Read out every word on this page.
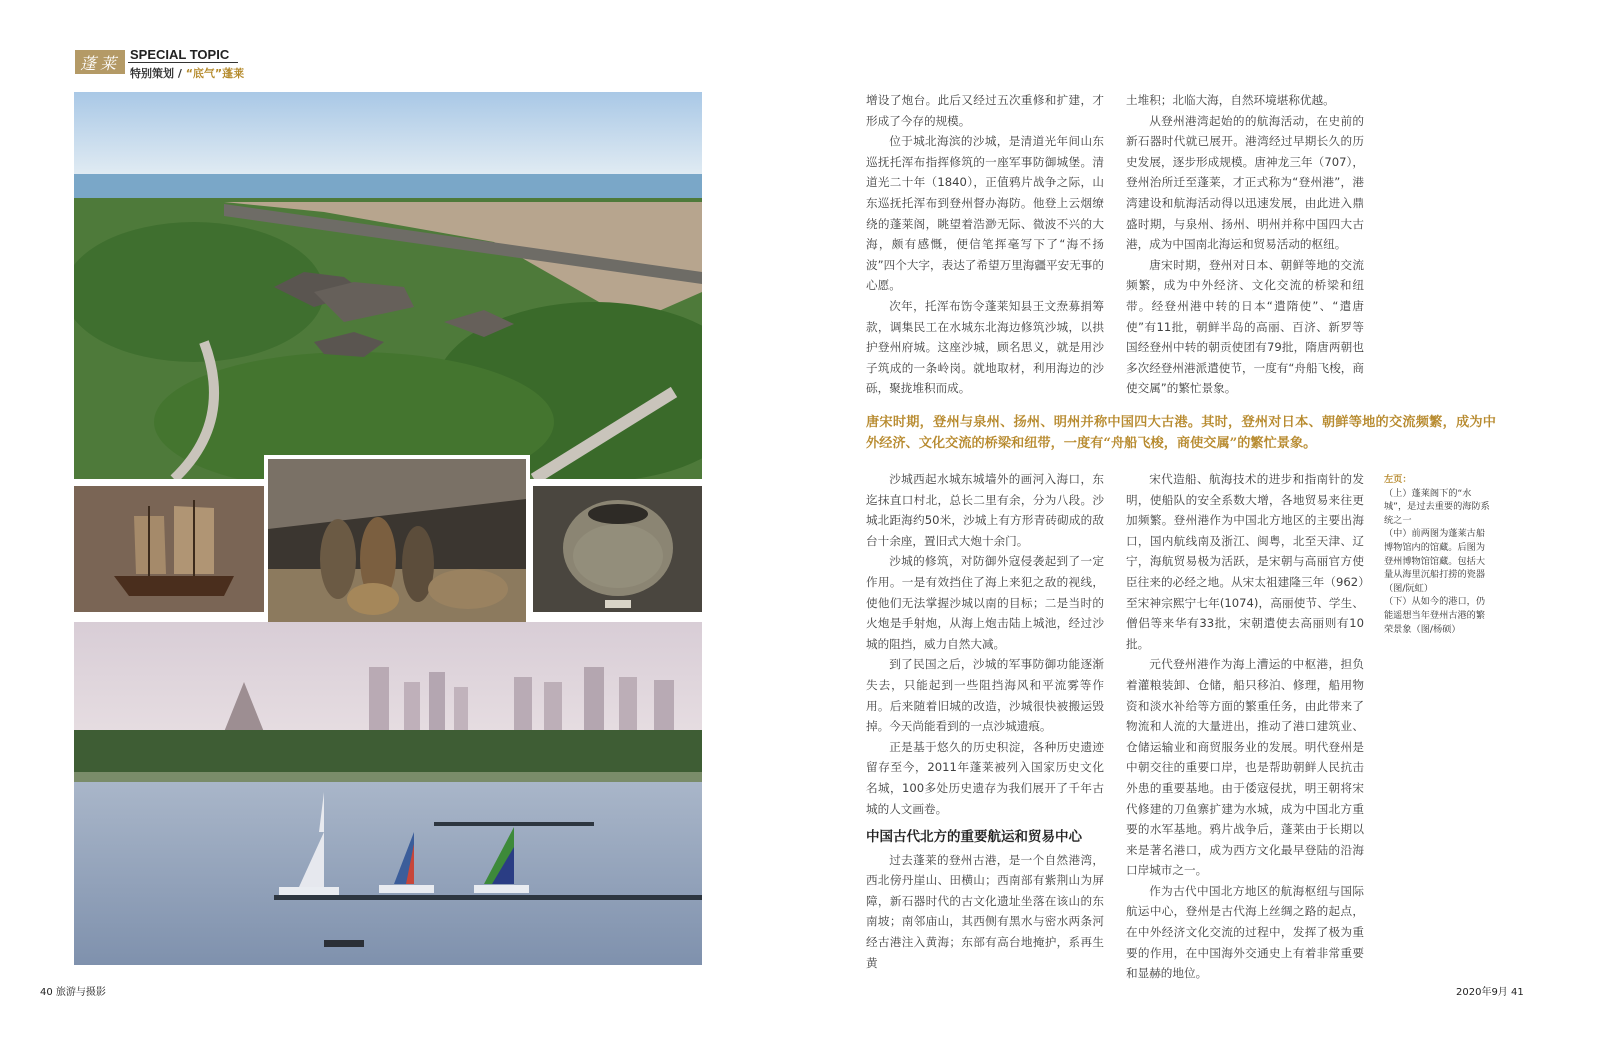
蓬莱 SPECIAL TOPIC
特别策划 / “底气”蓬莱

增设了炮台。此后又经过五次重修和扩建，才形成了今存的规模。

位于城北海滨的沙城，是清道光年间山东巡抚托浑布指挥修筑的一座军事防御城堡。清道光二十年（1840），正值鸦片战争之际，山东巡抚托浑布到登州督办海防。他登上云烟缭绕的蓬莱阁，眺望着浩渺无际、微波不兴的大海，颇有感慨，便信笔挥毫写下了“海不扬波”四个大字，表达了希望万里海疆平安无事的心愿。

次年，托浑布饬令蓬莱知县王文焘募捐筹款，调集民工在水城东北海边修筑沙城，以拱护登州府城。这座沙城，顾名思义，就是用沙子筑成的一条岭岗。就地取材，利用海边的沙砾，聚拢堆积而成。

土堆积；北临大海，自然环境堪称优越。

从登州港湾起始的的航海活动，在史前的新石器时代就已展开。港湾经过早期长久的历史发展，逐步形成规模。唐神龙三年（707），登州治所迁至蓬莱，才正式称为“登州港”，港湾建设和航海活动得以迅速发展，由此进入鼎盛时期，与泉州、扬州、明州并称中国四大古港，成为中国南北海运和贸易活动的枢纽。

唐宋时期，登州对日本、朝鲜等地的交流频繁，成为中外经济、文化交流的桥梁和纽带。经登州港中转的日本“遣隋使”、“遣唐使”有11批，朝鲜半岛的高丽、百济、新罗等国经登州中转的朝贡使团有79批，隋唐两朝也多次经登州港派遣使节，一度有“舟船飞梭，商使交属”的繁忙景象。

唐宋时期，登州与泉州、扬州、明州并称中国四大古港。其时，登州对日本、朝鲜等地的交流频繁，成为中外经济、文化交流的桥梁和纽带，一度有“舟船飞梭，商使交属”的繁忙景象。

沙城西起水城东城墙外的画河入海口，东迄抹直口村北，总长二里有余，分为八段。沙城北距海约50米，沙城上有方形青砖砌成的敌台十余座，置旧式大炮十余门。

沙城的修筑，对防御外寇侵袭起到了一定作用。一是有效挡住了海上来犯之敌的视线，使他们无法掌握沙城以南的目标；二是当时的火炮是手射炮，从海上炮击陆上城池，经过沙城的阻挡，威力自然大减。

到了民国之后，沙城的军事防御功能逐渐失去，只能起到一些阻挡海风和平流雾等作用。后来随着旧城的改造，沙城很快被搬运毁掉。今天尚能看到的一点沙城遗痕。

正是基于悠久的历史积淀，各种历史遗迹留存至今，2011年蓬莱被列入国家历史文化名城，100多处历史遗存为我们展开了千年古城的人文画卷。

中国古代北方的重要航运和贸易中心

过去蓬莱的登州古港，是一个自然港湾，西北傍丹崖山、田横山；西南部有紫荆山为屏障，新石器时代的古文化遗址坐落在该山的东南坡；南邻庙山，其西侧有黑水与密水两条河经古港注入黄海；东部有高台地掩护，系再生黄

宋代造船、航海技术的进步和指南针的发明，使船队的安全系数大增，各地贸易来往更加频繁。登州港作为中国北方地区的主要出海口，国内航线南及浙江、闽粤，北至天津、辽宁，海航贸易极为活跃，是宋朝与高丽官方使臣往来的必经之地。从宋太祖建隆三年（962）至宋神宗熙宁七年(1074)，高丽使节、学生、僧侣等来华有33批，宋朝遣使去高丽则有10批。

元代登州港作为海上漕运的中枢港，担负着灌粮装卸、仓储，船只移泊、修理，船用物资和淡水补给等方面的繁重任务，由此带来了物流和人流的大量进出，推动了港口建筑业、仓储运输业和商贸服务业的发展。明代登州是中朝交往的重要口岸，也是帮助朝鲜人民抗击外患的重要基地。由于倭寇侵扰，明王朝将宋代修建的刀鱼寨扩建为水城，成为中国北方重要的水军基地。鸦片战争后，蓬莱由于长期以来是著名港口，成为西方文化最早登陆的沿海口岸城市之一。

作为古代中国北方地区的航海枢纽与国际航运中心，登州是古代海上丝绸之路的起点，在中外经济文化交流的过程中，发挥了极为重要的作用，在中国海外交通史上有着非常重要和显赫的地位。

左页：
（上）蓬莱阁下的“水城”，是过去重要的海防系统之一
（中）前两图为蓬莱古船博物馆内的馆藏。后图为登州博物馆馆藏。包括大量从海里沉船打捞的瓷器（图/阮虹）
（下）从如今的港口，仍能遥想当年登州古港的繁荣景象（图/杨硕）
40 旅游与摄影	2020年9月 41
